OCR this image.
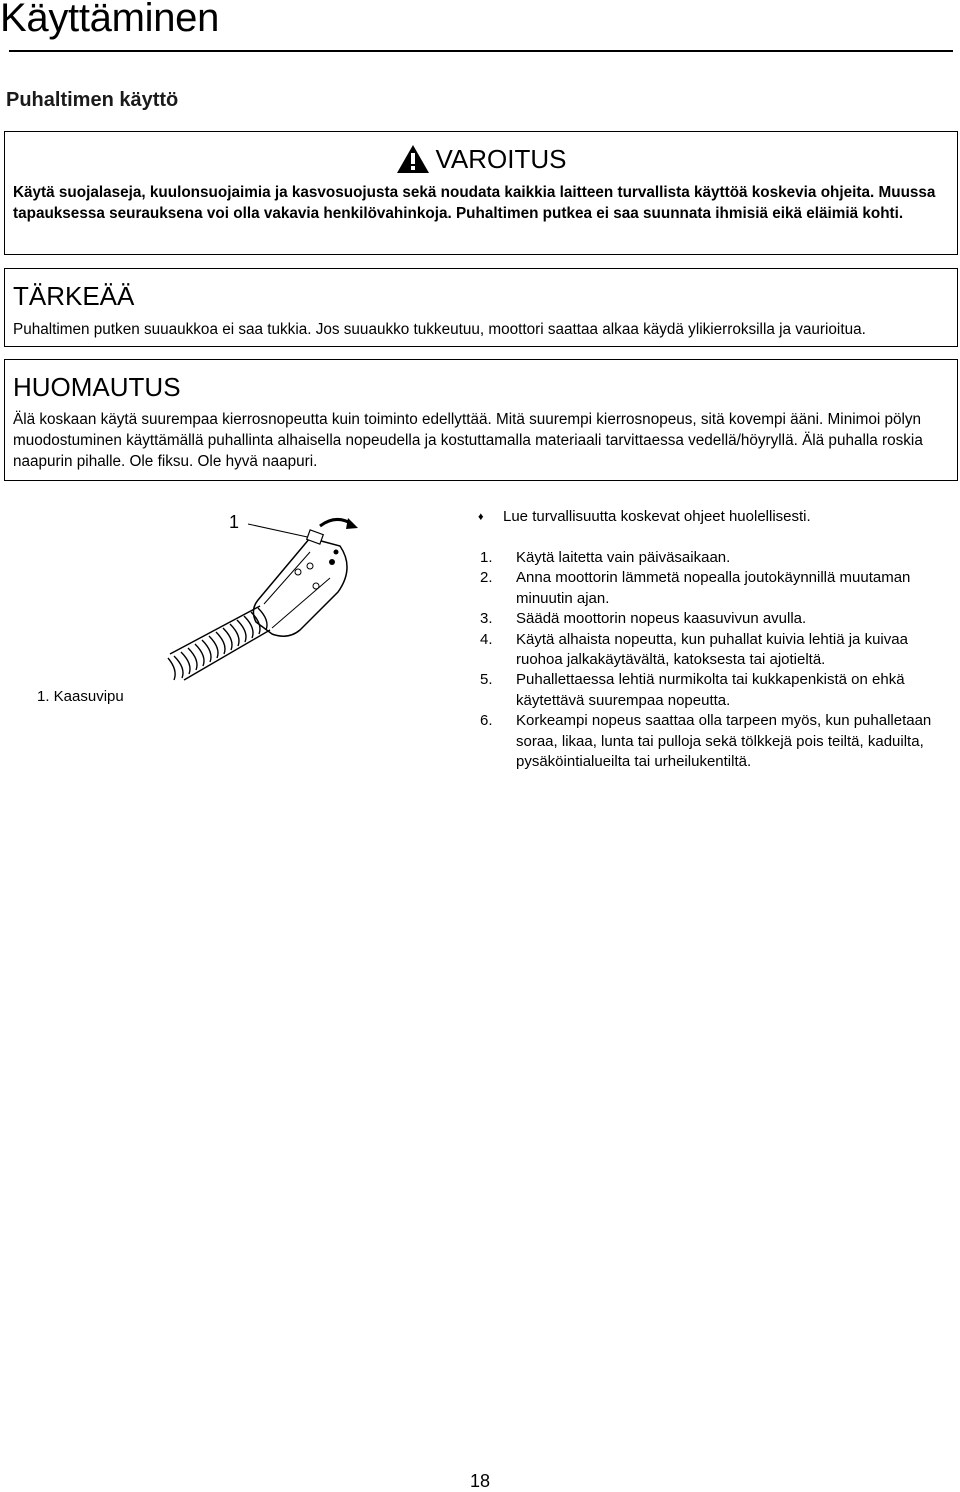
Käyttäminen
Puhaltimen käyttö
VAROITUS

Käytä suojalaseja, kuulonsuojaimia ja kasvosuojusta sekä noudata kaikkia laitteen turvallista käyttöä koskevia ohjeita. Muussa tapauksessa seurauksena voi olla vakavia henkilövahinkoja. Puhaltimen putkea ei saa suunnata ihmisiä eikä eläimiä kohti.

TÄRKEÄÄ

Puhaltimen putken suuaukkoa ei saa tukkia. Jos suuaukko tukkeutuu, moottori saattaa alkaa käydä ylikierroksilla ja vaurioitua.

HUOMAUTUS

Älä koskaan käytä suurempaa kierrosnopeutta kuin toiminto edellyttää. Mitä suurempi kierrosnopeus, sitä kovempi ääni. Minimoi pölyn muodostuminen käyttämällä puhallinta alhaisella nopeudella ja kostuttamalla materiaali tarvittaessa vedellä/höyryllä. Älä puhalla roskia naapurin pihalle. Ole fiksu. Ole hyvä naapuri.

1
1. Kaasuvipu
♦	Lue turvallisuutta koskevat ohjeet huolellisesti.
1.	Käytä laitetta vain päiväsaikaan.
2.	Anna moottorin lämmetä nopealla joutokäynnillä muutaman minuutin ajan.
3.	Säädä moottorin nopeus kaasuvivun avulla.
4.	Käytä alhaista nopeutta, kun puhallat kuivia lehtiä ja kuivaa ruohoa jalkakäytävältä, katoksesta tai ajotieltä.
5.	Puhallettaessa lehtiä nurmikolta tai kukkapenkistä on ehkä käytettävä suurempaa nopeutta.
6.	Korkeampi nopeus saattaa olla tarpeen myös, kun puhalletaan soraa, likaa, lunta tai pulloja sekä tölkkejä pois teiltä, kaduilta, pysäköintialueilta tai urheilukentiltä.
18
